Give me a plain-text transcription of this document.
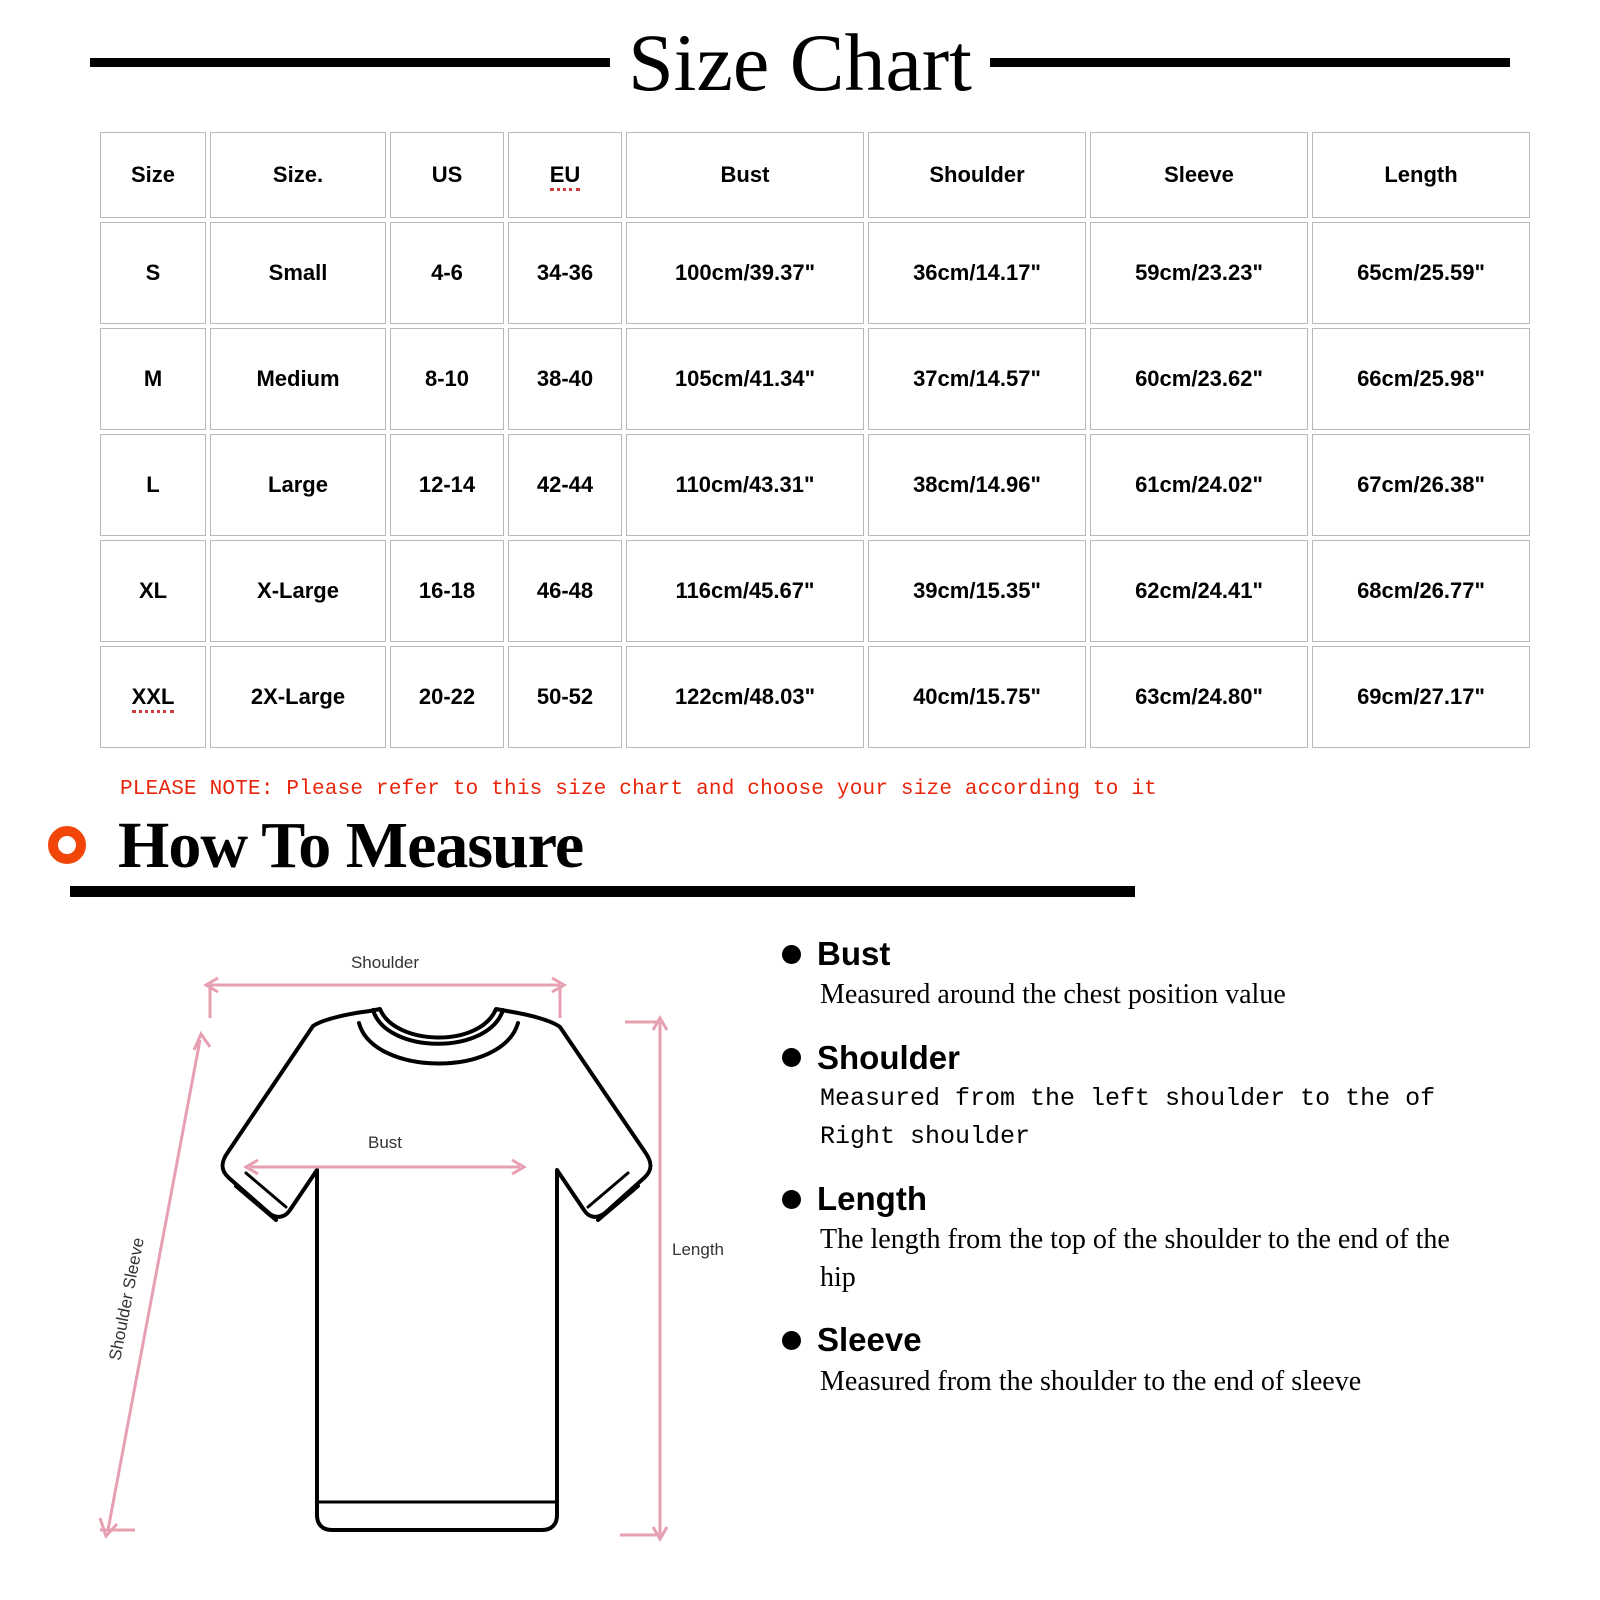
Size Chart
Size	Size.	US	EU	Bust	Shoulder	Sleeve	Length
S	Small	4-6	34-36	100cm/39.37"	36cm/14.17"	59cm/23.23"	65cm/25.59"
M	Medium	8-10	38-40	105cm/41.34"	37cm/14.57"	60cm/23.62"	66cm/25.98"
L	Large	12-14	42-44	110cm/43.31"	38cm/14.96"	61cm/24.02"	67cm/26.38"
XL	X-Large	16-18	46-48	116cm/45.67"	39cm/15.35"	62cm/24.41"	68cm/26.77"
XXL	2X-Large	20-22	50-52	122cm/48.03"	40cm/15.75"	63cm/24.80"	69cm/27.17"
PLEASE NOTE: Please refer to this size chart and choose your size according to it
How To Measure
Shoulder
Bust
Length
Shoulder Sleeve
Bust
Measured around the chest position value
Shoulder
Measured from the left shoulder to the of Right shoulder
Length
The length from the top of the shoulder to the end of the hip
Sleeve
Measured from the shoulder to the end of sleeve
